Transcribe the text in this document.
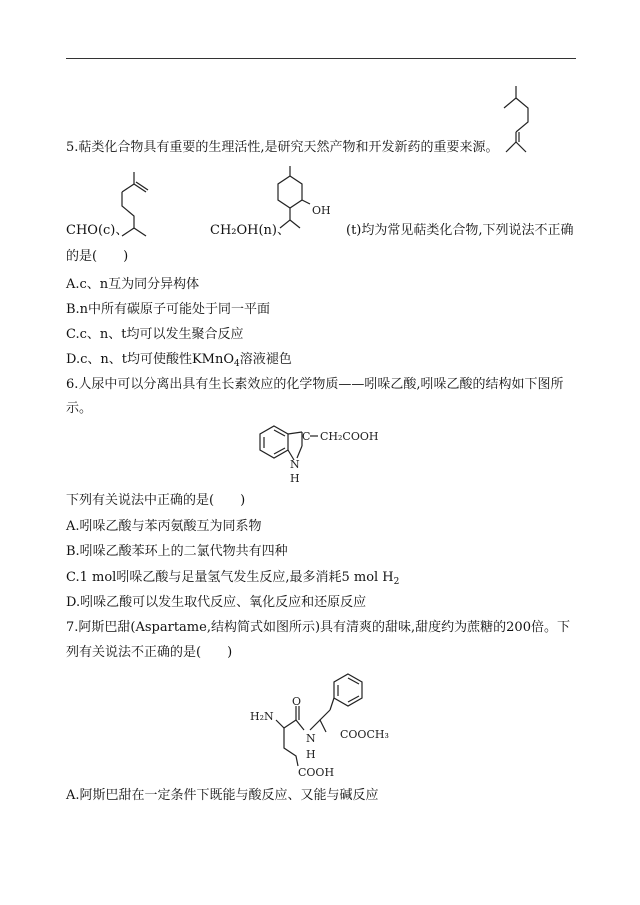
5.萜类化合物具有重要的生理活性,是研究天然产物和开发新药的重要来源。
OH
CHO(c)、	CH₂OH(n)、	(t)均为常见萜类化合物,下列说法不正确
的是(　　)
A.c、n互为同分异构体
B.n中所有碳原子可能处于同一平面
C.c、n、t均可以发生聚合反应
D.c、n、t均可使酸性KMnO$_4$溶液褪色
6.人尿中可以分离出具有生长素效应的化学物质——吲哚乙酸,吲哚乙酸的结构如下图所
示。
C CH₂COOH
N
H
下列有关说法中正确的是(　　)
A.吲哚乙酸与苯丙氨酸互为同系物
B.吲哚乙酸苯环上的二氯代物共有四种
C.1 mol吲哚乙酸与足量氢气发生反应,最多消耗5 mol $H_2$
D.吲哚乙酸可以发生取代反应、氧化反应和还原反应
7.阿斯巴甜(Aspartame,结构简式如图所示)具有清爽的甜味,甜度约为蔗糖的200倍。下
列有关说法不正确的是(　　)
COOCH₃
N
H
O
H₂N
COOH
A.阿斯巴甜在一定条件下既能与酸反应、又能与碱反应
